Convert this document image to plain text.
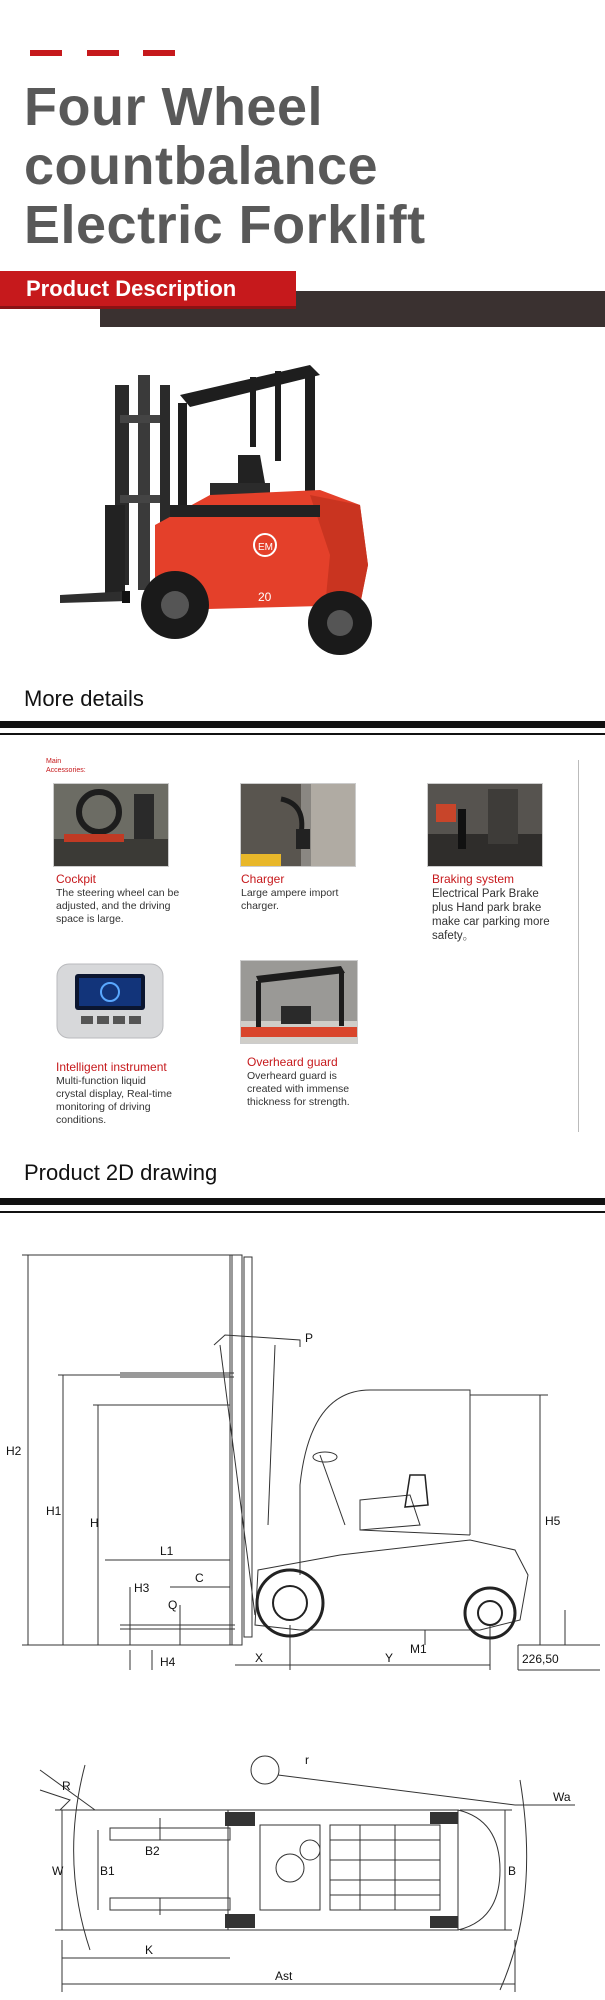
Four Wheel
countbalance
Electric Forklift
Product Description
EM
20
More details
Main
Accessories:
Cockpit
The steering wheel can be adjusted, and the driving space is large.
Charger
Large ampere import charger.
Braking system
Electrical Park Brake plus Hand park brake make car parking more safety。
Intelligent instrument
Multi-function liquid crystal display, Real-time monitoring of driving conditions.
Overheard guard
Overheard guard is created with immense thickness for strength.
Product 2D drawing
H2
H1
H
L1
C
H3
Q
H4	X	Y
M1
H5
226,50
P
R
r
Wa
W	B1
B2
B
K
Ast
